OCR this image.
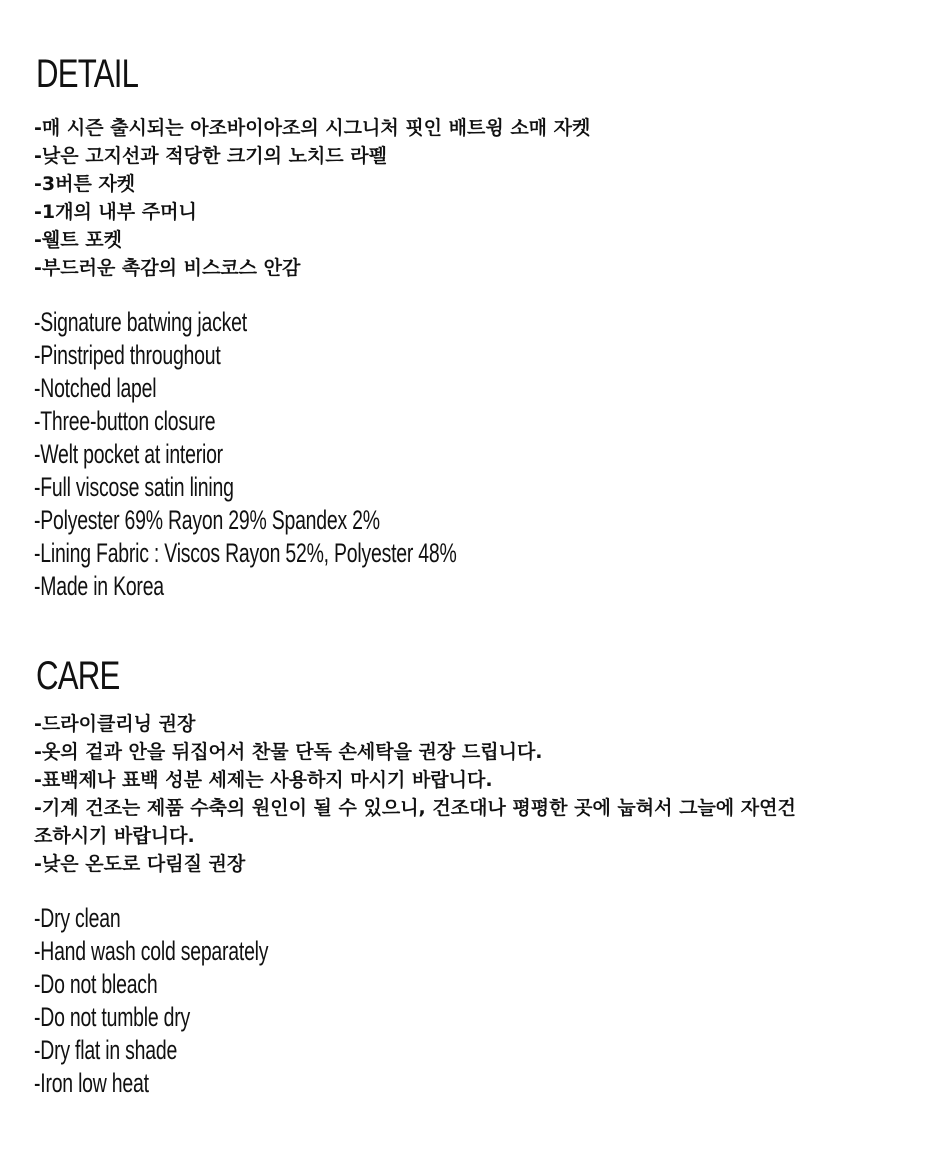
DETAIL
-매 시즌 출시되는 아조바이아조의 시그니처 핏인 배트윙 소매 자켓
-낮은 고지선과 적당한 크기의 노치드 라펠
-3버튼 자켓
-1개의 내부 주머니
-웰트 포켓
-부드러운 촉감의 비스코스 안감
-Signature batwing jacket
-Pinstriped throughout
-Notched lapel
-Three-button closure
-Welt pocket at interior
-Full viscose satin lining
-Polyester 69% Rayon 29% Spandex 2%
-Lining Fabric : Viscos Rayon 52%, Polyester 48%
-Made in Korea
CARE
-드라이클리닝 권장
-옷의 겉과 안을 뒤집어서 찬물 단독 손세탁을 권장 드립니다.
-표백제나 표백 성분 세제는 사용하지 마시기 바랍니다.
-기계 건조는 제품 수축의 원인이 될 수 있으니, 건조대나 평평한 곳에 눕혀서 그늘에 자연건조하시기 바랍니다.
-낮은 온도로 다림질 권장
-Dry clean
-Hand wash cold separately
-Do not bleach
-Do not tumble dry
-Dry flat in shade
-Iron low heat
